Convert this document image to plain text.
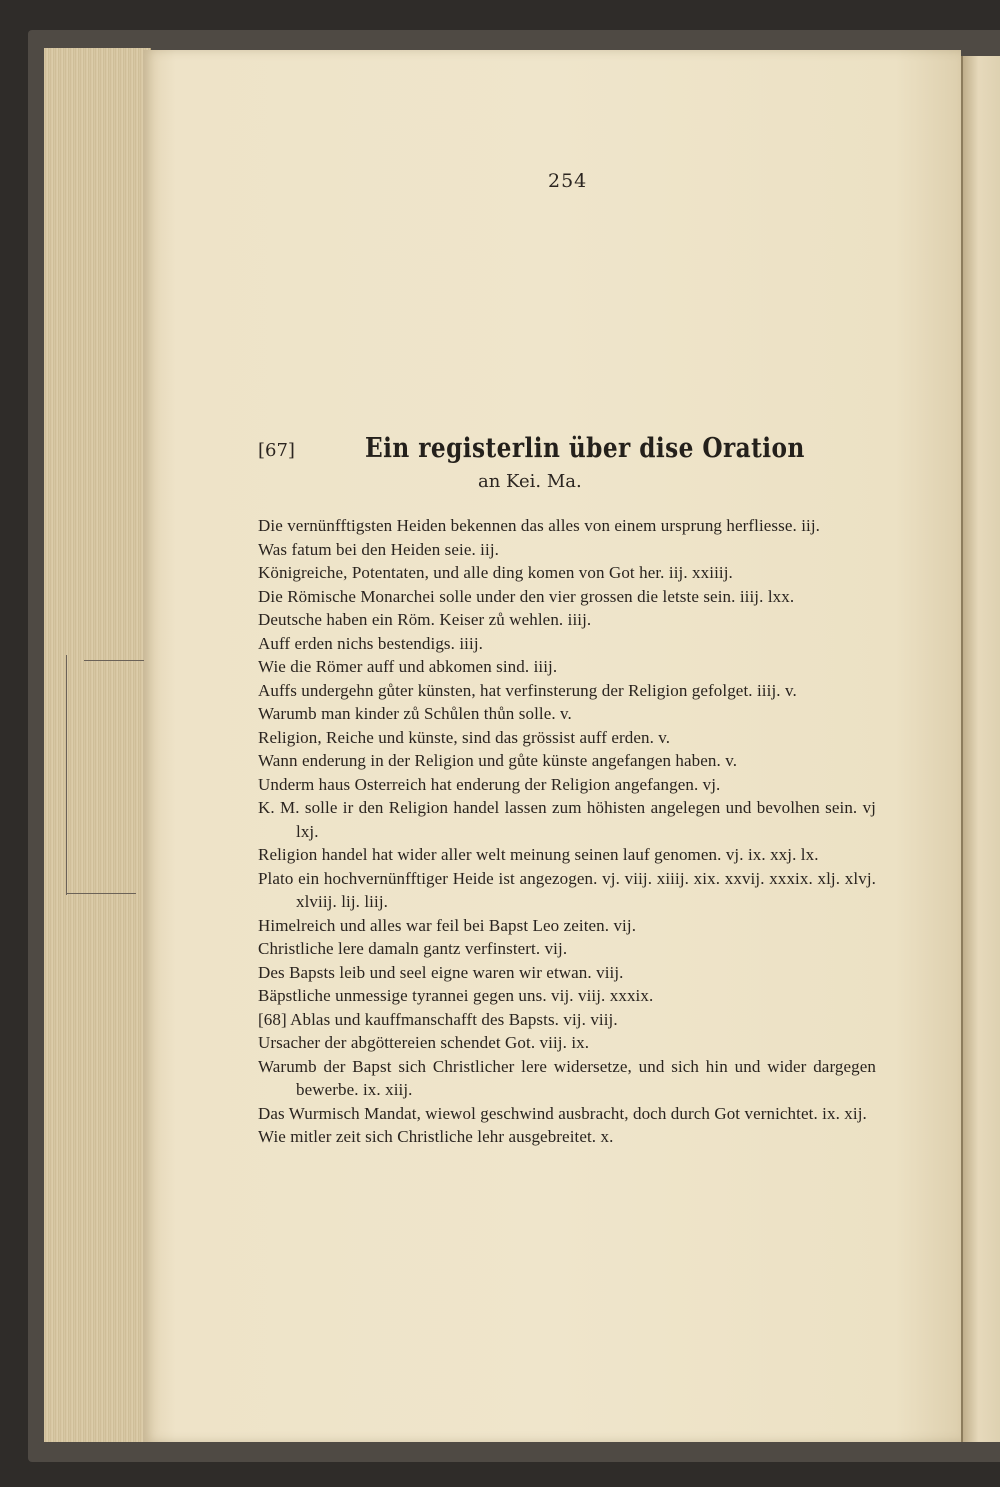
254
[67]	Ein registerlin über dise Oration
an Kei. Ma.
Die vernünfftigsten Heiden bekennen das alles von einem ursprung herfliesse. iij.
Was fatum bei den Heiden seie. iij.
Königreiche, Potentaten, und alle ding komen von Got her. iij. xxiiij.
Die Römische Monarchei solle under den vier grossen die letste sein. iiij. lxx.
Deutsche haben ein Röm. Keiser zů wehlen. iiij.
Auff erden nichs bestendigs. iiij.
Wie die Römer auff und abkomen sind. iiij.
Auffs undergehn gůter künsten, hat verfinsterung der Religion gefolget. iiij. v.
Warumb man kinder zů Schůlen thůn solle. v.
Religion, Reiche und künste, sind das grössist auff erden. v.
Wann enderung in der Religion und gůte künste angefangen haben. v.
Underm haus Osterreich hat enderung der Religion angefangen. vj.
K. M. solle ir den Religion handel lassen zum höhisten angelegen und bevolhen sein. vj lxj.
Religion handel hat wider aller welt meinung seinen lauf genomen. vj. ix. xxj. lx.
Plato ein hochvernünfftiger Heide ist angezogen. vj. viij. xiiij. xix. xxvij. xxxix. xlj. xlvj. xlviij. lij. liij.
Himelreich und alles war feil bei Bapst Leo zeiten. vij.
Christliche lere damaln gantz verfinstert. vij.
Des Bapsts leib und seel eigne waren wir etwan. viij.
Bäpstliche unmessige tyrannei gegen uns. vij. viij. xxxix.
[68] Ablas und kauffmanschafft des Bapsts. vij. viij.
Ursacher der abgöttereien schendet Got. viij. ix.
Warumb der Bapst sich Christlicher lere widersetze, und sich hin und wider dargegen bewerbe. ix. xiij.
Das Wurmisch Mandat, wiewol geschwind ausbracht, doch durch Got vernichtet. ix. xij.
Wie mitler zeit sich Christliche lehr ausgebreitet. x.
